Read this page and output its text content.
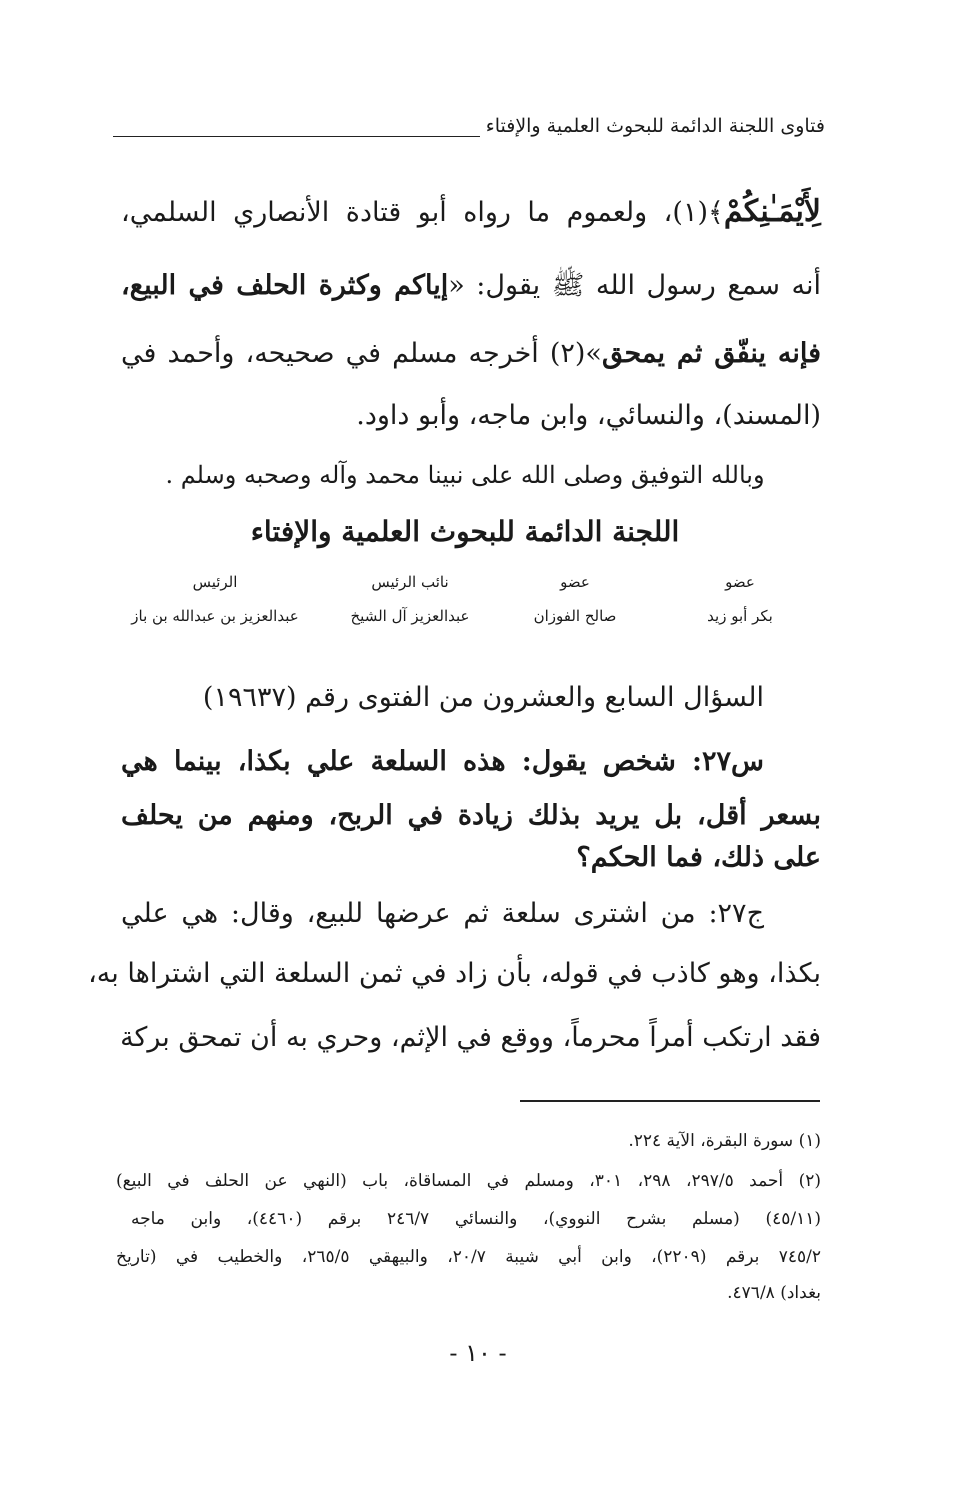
فتاوى اللجنة الدائمة للبحوث العلمية والإفتاء
لِأَيْمَـٰنِكُمْ﴾(١)، ولعموم ما رواه أبو قتادة الأنصاري السلمي،
أنه سمع رسول الله ﷺ يقول: «إياكم وكثرة الحلف في البيع،
فإنه ينفّق ثم يمحق»(٢) أخرجه مسلم في صحيحه، وأحمد في
(المسند)، والنسائي، وابن ماجه، وأبو داود.
وبالله التوفيق وصلى الله على نبينا محمد وآله وصحبه وسلم .
اللجنة الدائمة للبحوث العلمية والإفتاء
عضو
بكر أبو زيد
عضو
صالح الفوزان
نائب الرئيس
عبدالعزيز آل الشيخ
الرئيس
عبدالعزيز بن عبدالله بن باز
السؤال السابع والعشرون من الفتوى رقم (١٩٦٣٧)
س٢٧: شخص يقول: هذه السلعة علي بكذا، بينما هي
بسعر أقل، بل يريد بذلك زيادة في الربح، ومنهم من يحلف
على ذلك، فما الحكم؟
ج٢٧: من اشترى سلعة ثم عرضها للبيع، وقال: هي علي
بكذا، وهو كاذب في قوله، بأن زاد في ثمن السلعة التي اشتراها به،
فقد ارتكب أمراً محرماً، ووقع في الإثم، وحري به أن تمحق بركة
(١) سورة البقرة، الآية ٢٢٤.
(٢) أحمد ٢٩٧/٥، ٢٩٨، ٣٠١، ومسلم في المساقاة، باب (النهي عن الحلف في البيع)
(٤٥/١١) (مسلم بشرح النووي)، والنسائي ٢٤٦/٧ برقم (٤٤٦٠)، وابن ماجه
٧٤٥/٢ برقم (٢٢٠٩)، وابن أبي شيبة ٢٠/٧، والبيهقي ٢٦٥/٥، والخطيب في (تاريخ
بغداد) ٤٧٦/٨.
- ١٠ -
